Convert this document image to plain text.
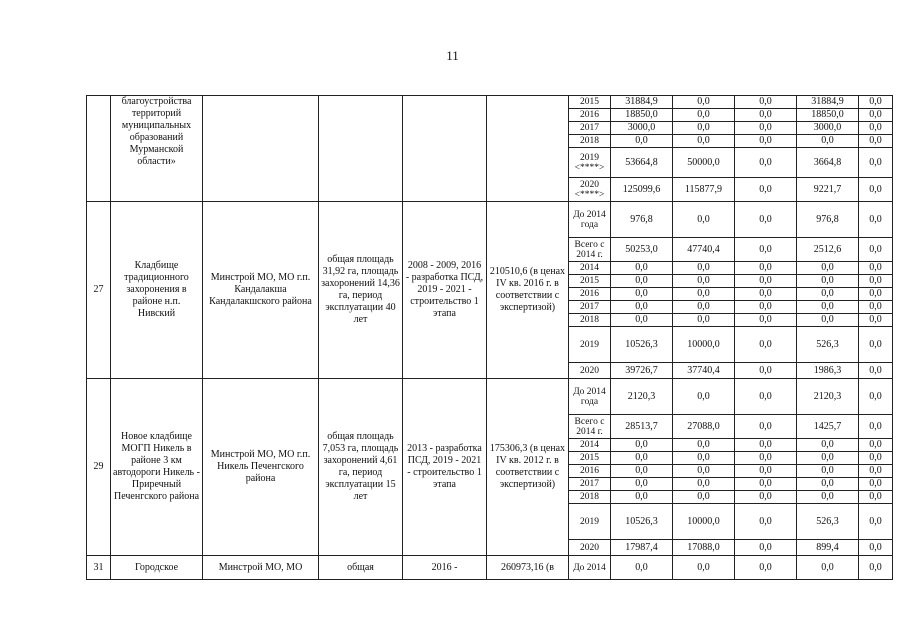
11
	благоустройства территорий муниципальных образований Мурманской области»					2015	31884,9	0,0	0,0	31884,9	0,0
						2016	18850,0	0,0	0,0	18850,0	0,0
						2017	3000,0	0,0	0,0	3000,0	0,0
						2018	0,0	0,0	0,0	0,0	0,0
						2019 <****>	53664,8	50000,0	0,0	3664,8	0,0
						2020 <****>	125099,6	115877,9	0,0	9221,7	0,0
27	Кладбище традиционного захоронения в районе н.п. Нивский	Минстрой МО, МО г.п. Кандалакша Кандалакшского района	общая площадь 31,92 га, площадь захоронений 14,36 га, период эксплуатации 40 лет	2008 - 2009, 2016 - разработка ПСД, 2019 - 2021 - строительство 1 этапа	210510,6 (в ценах IV кв. 2016 г. в соответствии с экспертизой)	До 2014 года	976,8	0,0	0,0	976,8	0,0
						Всего с 2014 г.	50253,0	47740,4	0,0	2512,6	0,0
						2014	0,0	0,0	0,0	0,0	0,0
						2015	0,0	0,0	0,0	0,0	0,0
						2016	0,0	0,0	0,0	0,0	0,0
						2017	0,0	0,0	0,0	0,0	0,0
						2018	0,0	0,0	0,0	0,0	0,0
						2019	10526,3	10000,0	0,0	526,3	0,0
						2020	39726,7	37740,4	0,0	1986,3	0,0
29	Новое кладбище МОГП Никель в районе 3 км автодороги Никель - Приречный Печенгского района	Минстрой МО, МО г.п. Никель Печенгского района	общая площадь 7,053 га, площадь захоронений 4,61 га, период эксплуатации 15 лет	2013 - разработка ПСД, 2019 - 2021 - строительство 1 этапа	175306,3 (в ценах IV кв. 2012 г. в соответствии с экспертизой)	До 2014 года	2120,3	0,0	0,0	2120,3	0,0
						Всего с 2014 г.	28513,7	27088,0	0,0	1425,7	0,0
						2014	0,0	0,0	0,0	0,0	0,0
						2015	0,0	0,0	0,0	0,0	0,0
						2016	0,0	0,0	0,0	0,0	0,0
						2017	0,0	0,0	0,0	0,0	0,0
						2018	0,0	0,0	0,0	0,0	0,0
						2019	10526,3	10000,0	0,0	526,3	0,0
						2020	17987,4	17088,0	0,0	899,4	0,0
31	Городское	Минстрой МО, МО	общая	2016 -	260973,16 (в	До 2014	0,0	0,0	0,0	0,0	0,0
